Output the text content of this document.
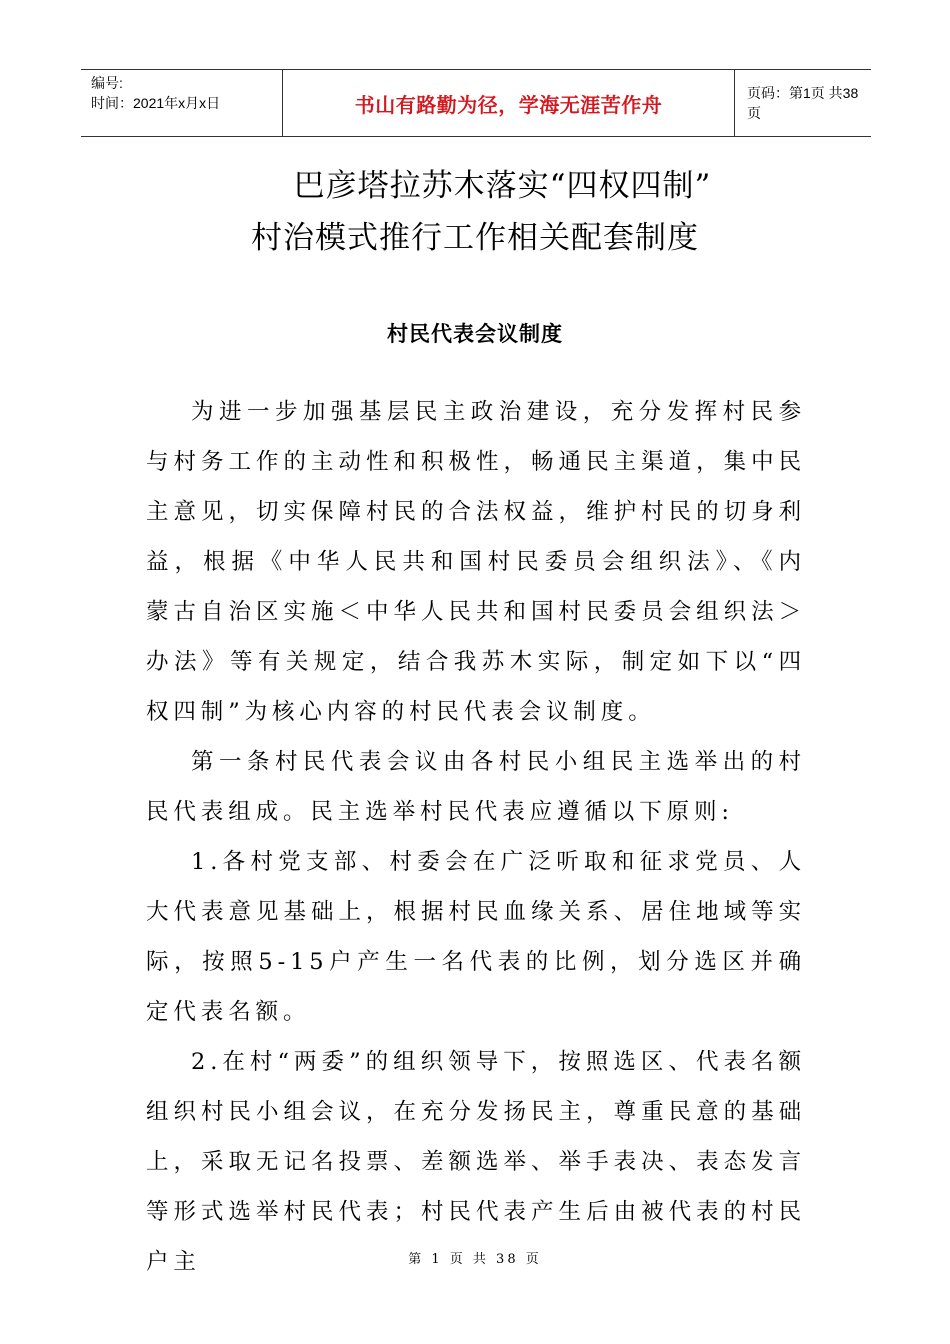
编号:
时间：2021年x月x日	书山有路勤为径，学海无涯苦作舟	页码：第1页 共38页
巴彦塔拉苏木落实“四权四制”
村治模式推行工作相关配套制度
村民代表会议制度

为进一步加强基层民主政治建设，充分发挥村民参与村务工作的主动性和积极性，畅通民主渠道，集中民主意见，切实保障村民的合法权益，维护村民的切身利益，根据《中华人民共和国村民委员会组织法》、《内蒙古自治区实施＜中华人民共和国村民委员会组织法＞办法》等有关规定，结合我苏木实际，制定如下以“四权四制”为核心内容的村民代表会议制度。

第一条村民代表会议由各村民小组民主选举出的村民代表组成。民主选举村民代表应遵循以下原则:

1.各村党支部、村委会在广泛听取和征求党员、人大代表意见基础上，根据村民血缘关系、居住地域等实际，按照5-15户产生一名代表的比例，划分选区并确定代表名额。

2.在村“两委”的组织领导下，按照选区、代表名额组织村民小组会议，在充分发扬民主，尊重民意的基础上，采取无记名投票、差额选举、举手表决、表态发言等形式选举村民代表；村民代表产生后由被代表的村民户主	第 1 页 共 38 页
